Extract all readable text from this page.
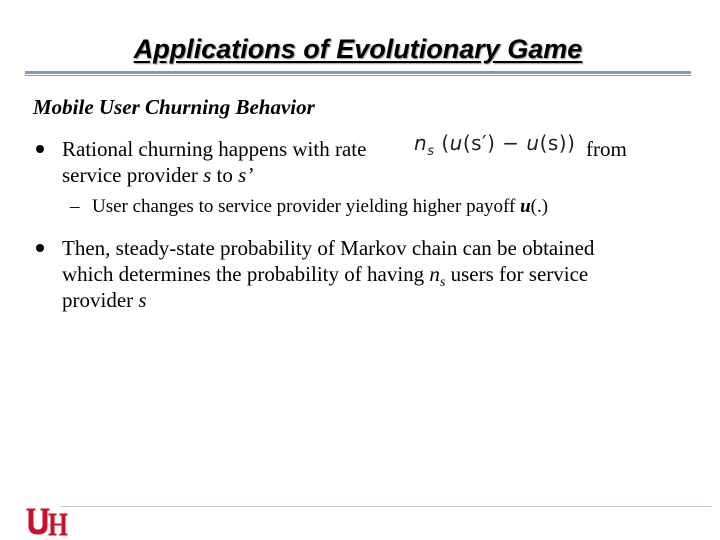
Applications of Evolutionary Game
Mobile User Churning Behavior
Rational churning happens with rate $n_s$ (u(s′) − u(s)) from
service provider s to s’
– User changes to service provider yielding higher payoff u(.)
Then, steady-state probability of Markov chain can be obtained
which determines the probability of having $n_s$ users for service
provider s
